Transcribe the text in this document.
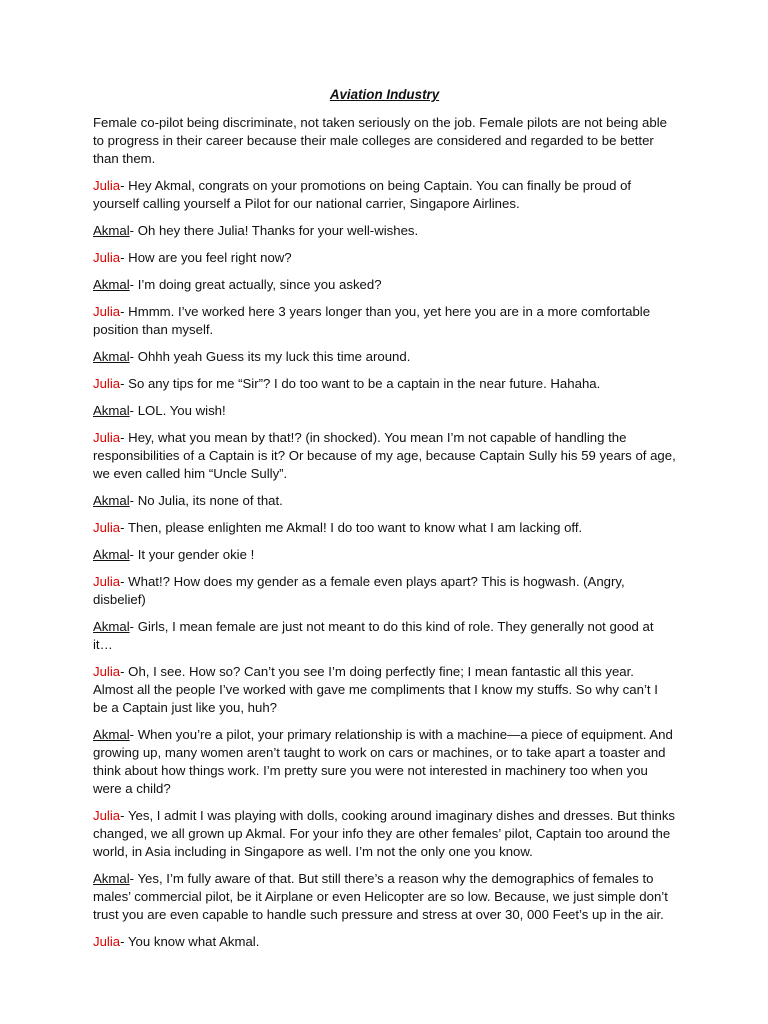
Aviation Industry
Female co-pilot being discriminate, not taken seriously on the job. Female pilots are not being able to progress in their career because their male colleges are considered and regarded to be better than them.
Julia- Hey Akmal, congrats on your promotions on being Captain. You can finally be proud of yourself calling yourself a Pilot for our national carrier, Singapore Airlines.
Akmal- Oh hey there Julia! Thanks for your well-wishes.
Julia- How are you feel right now?
Akmal- I’m doing great actually, since you asked?
Julia- Hmmm. I’ve worked here 3 years longer than you, yet here you are in a more comfortable position than myself.
Akmal- Ohhh yeah Guess its my luck this time around.
Julia- So any tips for me “Sir”? I do too want to be a captain in the near future. Hahaha.
Akmal- LOL. You wish!
Julia- Hey, what you mean by that!? (in shocked). You mean I’m not capable of handling the responsibilities of a Captain is it? Or because of my age, because Captain Sully his 59 years of age, we even called him “Uncle Sully”.
Akmal- No Julia, its none of that.
Julia- Then, please enlighten me Akmal! I do too want to know what I am lacking off.
Akmal- It your gender okie !
Julia- What!? How does my gender as a female even plays apart? This is hogwash. (Angry, disbelief)
Akmal- Girls, I mean female are just not meant to do this kind of role. They generally not good at it…
Julia- Oh, I see. How so? Can’t you see I’m doing perfectly fine; I mean fantastic all this year. Almost all the people I’ve worked with gave me compliments that I know my stuffs. So why can’t I be a Captain just like you, huh?
Akmal- When you’re a pilot, your primary relationship is with a machine—a piece of equipment. And growing up, many women aren’t taught to work on cars or machines, or to take apart a toaster and think about how things work. I’m pretty sure you were not interested in machinery too when you were a child?
Julia- Yes, I admit I was playing with dolls, cooking around imaginary dishes and dresses. But thinks changed, we all grown up Akmal. For your info they are other females’ pilot, Captain too around the world, in Asia including in Singapore as well. I’m not the only one you know.
Akmal- Yes, I’m fully aware of that. But still there’s a reason why the demographics of females to males’ commercial pilot, be it Airplane or even Helicopter are so low. Because, we just simple don’t trust you are even capable to handle such pressure and stress at over 30, 000 Feet’s up in the air.
Julia- You know what Akmal.
